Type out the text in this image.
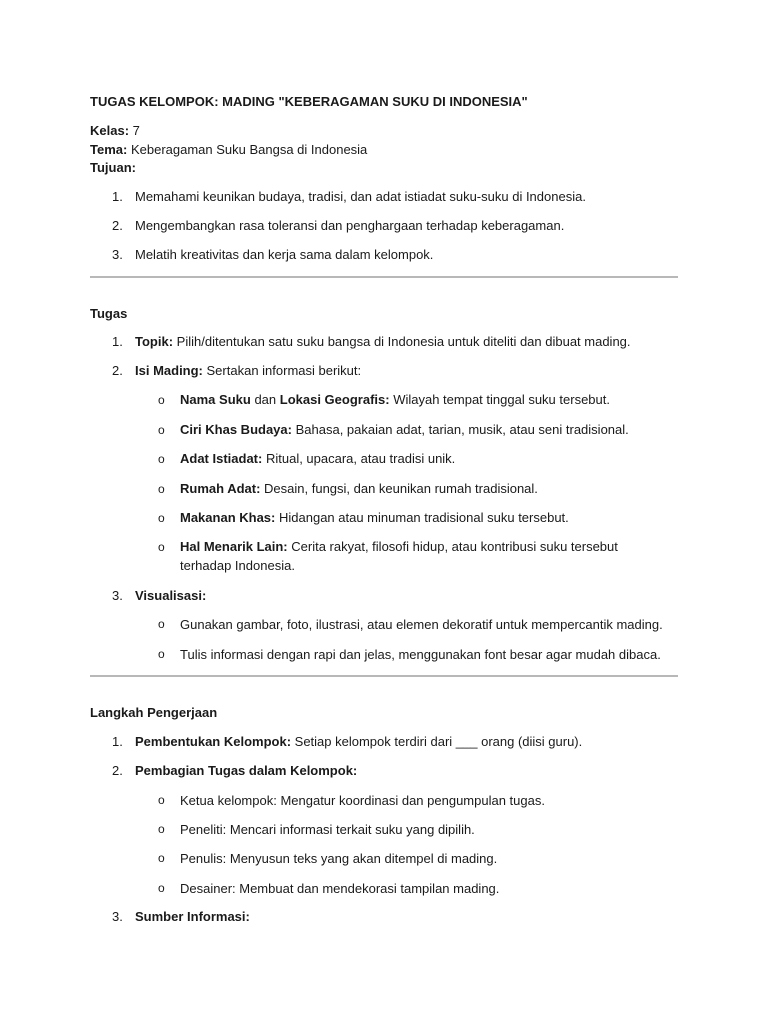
TUGAS KELOMPOK: MADING "KEBERAGAMAN SUKU DI INDONESIA"
Kelas: 7
Tema: Keberagaman Suku Bangsa di Indonesia
Tujuan:
1. Memahami keunikan budaya, tradisi, dan adat istiadat suku-suku di Indonesia.
2. Mengembangkan rasa toleransi dan penghargaan terhadap keberagaman.
3. Melatih kreativitas dan kerja sama dalam kelompok.
Tugas
1. Topik: Pilih/ditentukan satu suku bangsa di Indonesia untuk diteliti dan dibuat mading.
2. Isi Mading: Sertakan informasi berikut:
o Nama Suku dan Lokasi Geografis: Wilayah tempat tinggal suku tersebut.
o Ciri Khas Budaya: Bahasa, pakaian adat, tarian, musik, atau seni tradisional.
o Adat Istiadat: Ritual, upacara, atau tradisi unik.
o Rumah Adat: Desain, fungsi, dan keunikan rumah tradisional.
o Makanan Khas: Hidangan atau minuman tradisional suku tersebut.
o Hal Menarik Lain: Cerita rakyat, filosofi hidup, atau kontribusi suku tersebut terhadap Indonesia.
3. Visualisasi:
o Gunakan gambar, foto, ilustrasi, atau elemen dekoratif untuk mempercantik mading.
o Tulis informasi dengan rapi dan jelas, menggunakan font besar agar mudah dibaca.
Langkah Pengerjaan
1. Pembentukan Kelompok: Setiap kelompok terdiri dari ___ orang (diisi guru).
2. Pembagian Tugas dalam Kelompok:
o Ketua kelompok: Mengatur koordinasi dan pengumpulan tugas.
o Peneliti: Mencari informasi terkait suku yang dipilih.
o Penulis: Menyusun teks yang akan ditempel di mading.
o Desainer: Membuat dan mendekorasi tampilan mading.
3. Sumber Informasi:
